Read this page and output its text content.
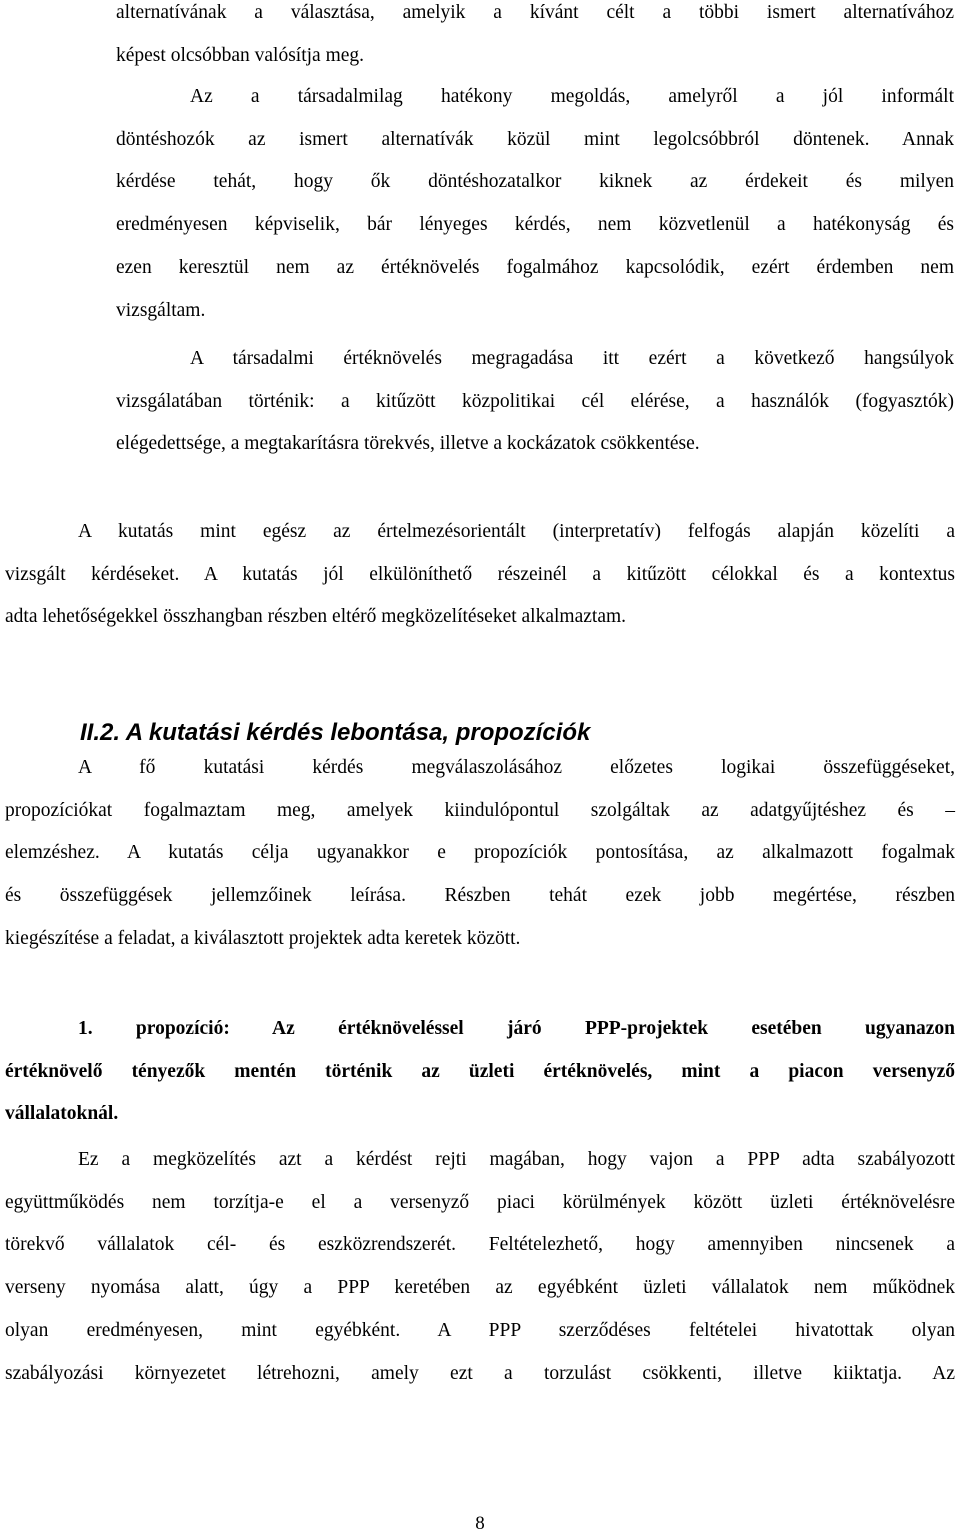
alternatívának a választása, amelyik a kívánt célt a többi ismert alternatívához
képest olcsóbban valósítja meg.
Az a társadalmilag hatékony megoldás, amelyről a jól informált
döntéshozók az ismert alternatívák közül mint legolcsóbbról döntenek. Annak
kérdése tehát, hogy ők döntéshozatalkor kiknek az érdekeit és milyen
eredményesen képviselik, bár lényeges kérdés, nem közvetlenül a hatékonyság és
ezen keresztül nem az értéknövelés fogalmához kapcsolódik, ezért érdemben nem
vizsgáltam.
A társadalmi értéknövelés megragadása itt ezért a következő hangsúlyok
vizsgálatában történik: a kitűzött közpolitikai cél elérése, a használók (fogyasztók)
elégedettsége, a megtakarításra törekvés, illetve a kockázatok csökkentése.
A kutatás mint egész az értelmezésorientált (interpretatív) felfogás alapján közelíti a
vizsgált kérdéseket. A kutatás jól elkülöníthető részeinél a kitűzött célokkal és a kontextus
adta lehetőségekkel összhangban részben eltérő megközelítéseket alkalmaztam.
II.2. A kutatási kérdés lebontása, propozíciók
A fő kutatási kérdés megválaszolásához előzetes logikai összefüggéseket,
propozíciókat fogalmaztam meg, amelyek kiindulópontul szolgáltak az adatgyűjtéshez és –
elemzéshez. A kutatás célja ugyanakkor e propozíciók pontosítása, az alkalmazott fogalmak
és összefüggések jellemzőinek leírása. Részben tehát ezek jobb megértése, részben
kiegészítése a feladat, a kiválasztott projektek adta keretek között.
1. propozíció: Az értéknöveléssel járó PPP-projektek esetében ugyanazon
értéknövelő tényezők mentén történik az üzleti értéknövelés, mint a piacon versenyző
vállalatoknál.
Ez a megközelítés azt a kérdést rejti magában, hogy vajon a PPP adta szabályozott
együttműködés nem torzítja-e el a versenyző piaci körülmények között üzleti értéknövelésre
törekvő vállalatok cél- és eszközrendszerét. Feltételezhető, hogy amennyiben nincsenek a
verseny nyomása alatt, úgy a PPP keretében az egyébként üzleti vállalatok nem működnek
olyan eredményesen, mint egyébként. A PPP szerződéses feltételei hivatottak olyan
szabályozási környezetet létrehozni, amely ezt a torzulást csökkenti, illetve kiiktatja. Az
8
